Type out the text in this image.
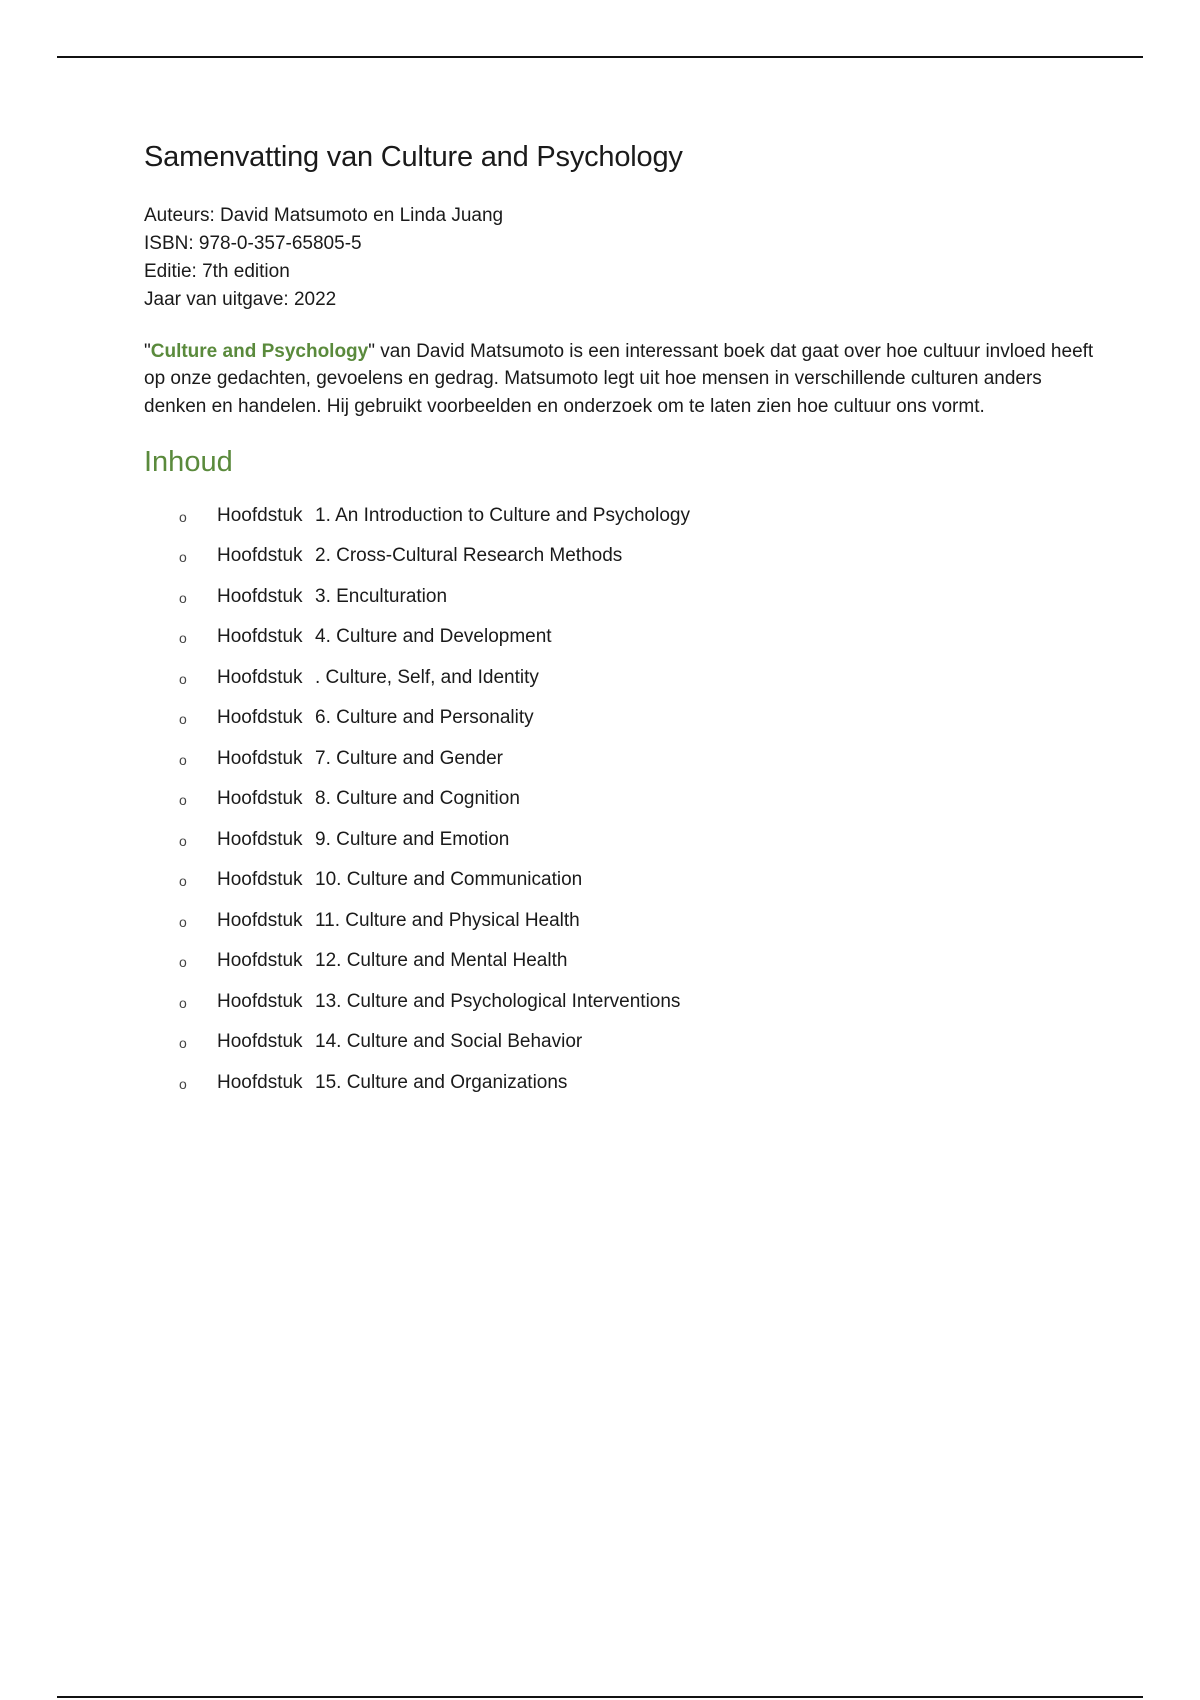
Samenvatting van Culture and Psychology
Auteurs: David Matsumoto en Linda Juang
ISBN: 978-0-357-65805-5
Editie: 7th edition
Jaar van uitgave: 2022

"Culture and Psychology" van David Matsumoto is een interessant boek dat gaat over hoe cultuur invloed heeft op onze gedachten, gevoelens en gedrag. Matsumoto legt uit hoe mensen in verschillende culturen anders denken en handelen. Hij gebruikt voorbeelden en onderzoek om te laten zien hoe cultuur ons vormt.

Inhoud
o	Hoofdstuk 1. An Introduction to Culture and Psychology
o	Hoofdstuk 2. Cross-Cultural Research Methods
o	Hoofdstuk 3. Enculturation
o	Hoofdstuk 4. Culture and Development
o	Hoofdstuk . Culture, Self, and Identity
o	Hoofdstuk 6. Culture and Personality
o	Hoofdstuk 7. Culture and Gender
o	Hoofdstuk 8. Culture and Cognition
o	Hoofdstuk 9. Culture and Emotion
o	Hoofdstuk 10. Culture and Communication
o	Hoofdstuk 11. Culture and Physical Health
o	Hoofdstuk 12. Culture and Mental Health
o	Hoofdstuk 13. Culture and Psychological Interventions
o	Hoofdstuk 14. Culture and Social Behavior
o	Hoofdstuk 15. Culture and Organizations
